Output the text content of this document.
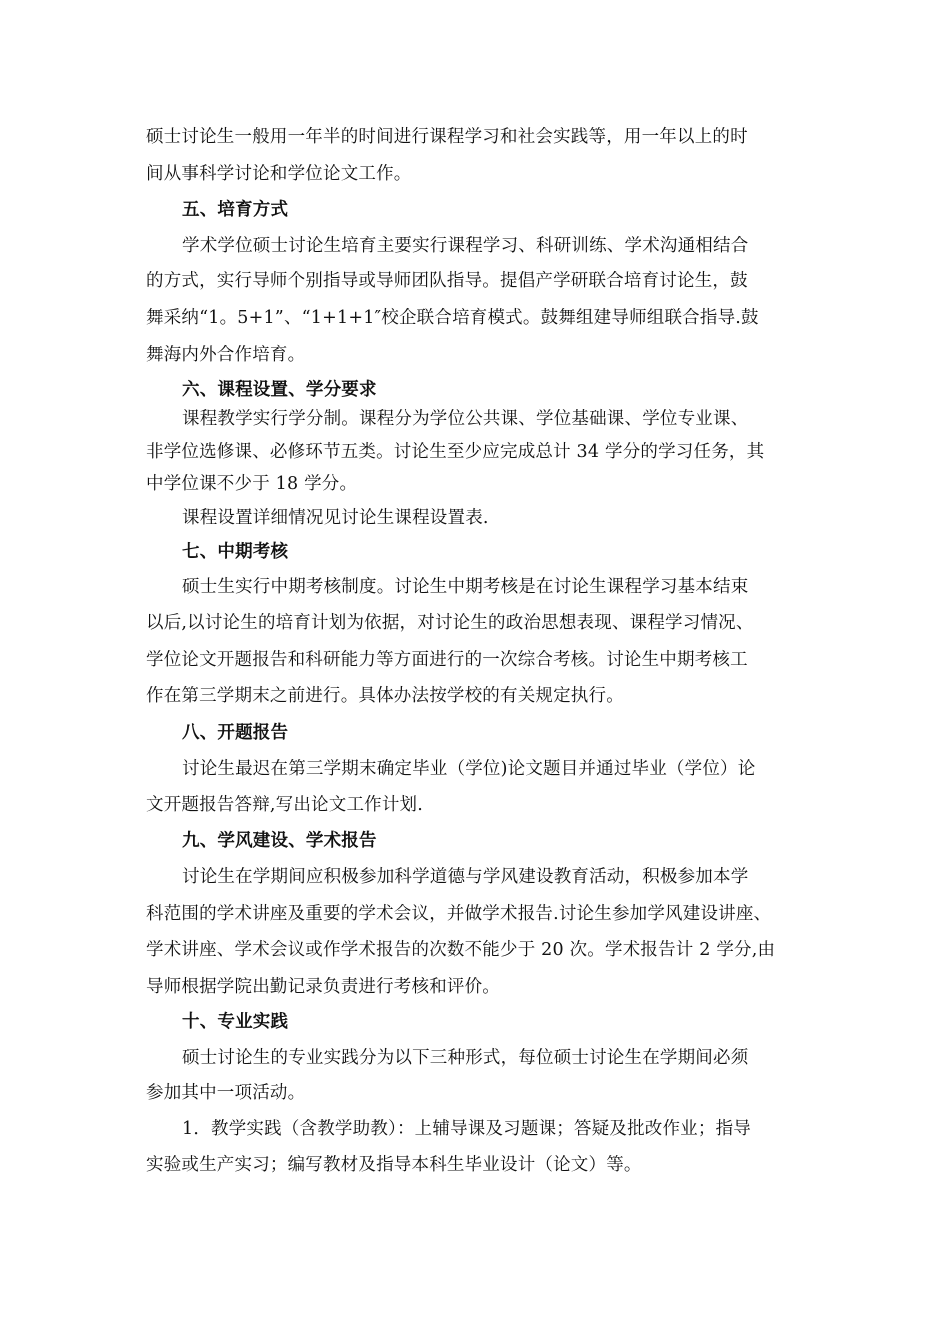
硕士讨论生一般用一年半的时间进行课程学习和社会实践等，用一年以上的时
间从事科学讨论和学位论文工作。
五、培育方式
学术学位硕士讨论生培育主要实行课程学习、科研训练、学术沟通相结合
的方式，实行导师个别指导或导师团队指导。提倡产学研联合培育讨论生，鼓
舞采纳“1。5+1”、“1+1+1″校企联合培育模式。鼓舞组建导师组联合指导.鼓
舞海内外合作培育。
六、课程设置、学分要求
课程教学实行学分制。课程分为学位公共课、学位基础课、学位专业课、
非学位选修课、必修环节五类。讨论生至少应完成总计 34 学分的学习任务，其
中学位课不少于 18 学分。
课程设置详细情况见讨论生课程设置表.
七、中期考核
硕士生实行中期考核制度。讨论生中期考核是在讨论生课程学习基本结束
以后,以讨论生的培育计划为依据，对讨论生的政治思想表现、课程学习情况、
学位论文开题报告和科研能力等方面进行的一次综合考核。讨论生中期考核工
作在第三学期末之前进行。具体办法按学校的有关规定执行。
八、开题报告
讨论生最迟在第三学期末确定毕业（学位)论文题目并通过毕业（学位）论
文开题报告答辩,写出论文工作计划.
九、学风建设、学术报告
讨论生在学期间应积极参加科学道德与学风建设教育活动，积极参加本学
科范围的学术讲座及重要的学术会议，并做学术报告.讨论生参加学风建设讲座、
学术讲座、学术会议或作学术报告的次数不能少于 20 次。学术报告计 2 学分,由
导师根据学院出勤记录负责进行考核和评价。
十、专业实践
硕士讨论生的专业实践分为以下三种形式，每位硕士讨论生在学期间必须
参加其中一项活动。
1．教学实践（含教学助教）：上辅导课及习题课；答疑及批改作业；指导
实验或生产实习；编写教材及指导本科生毕业设计（论文）等。
